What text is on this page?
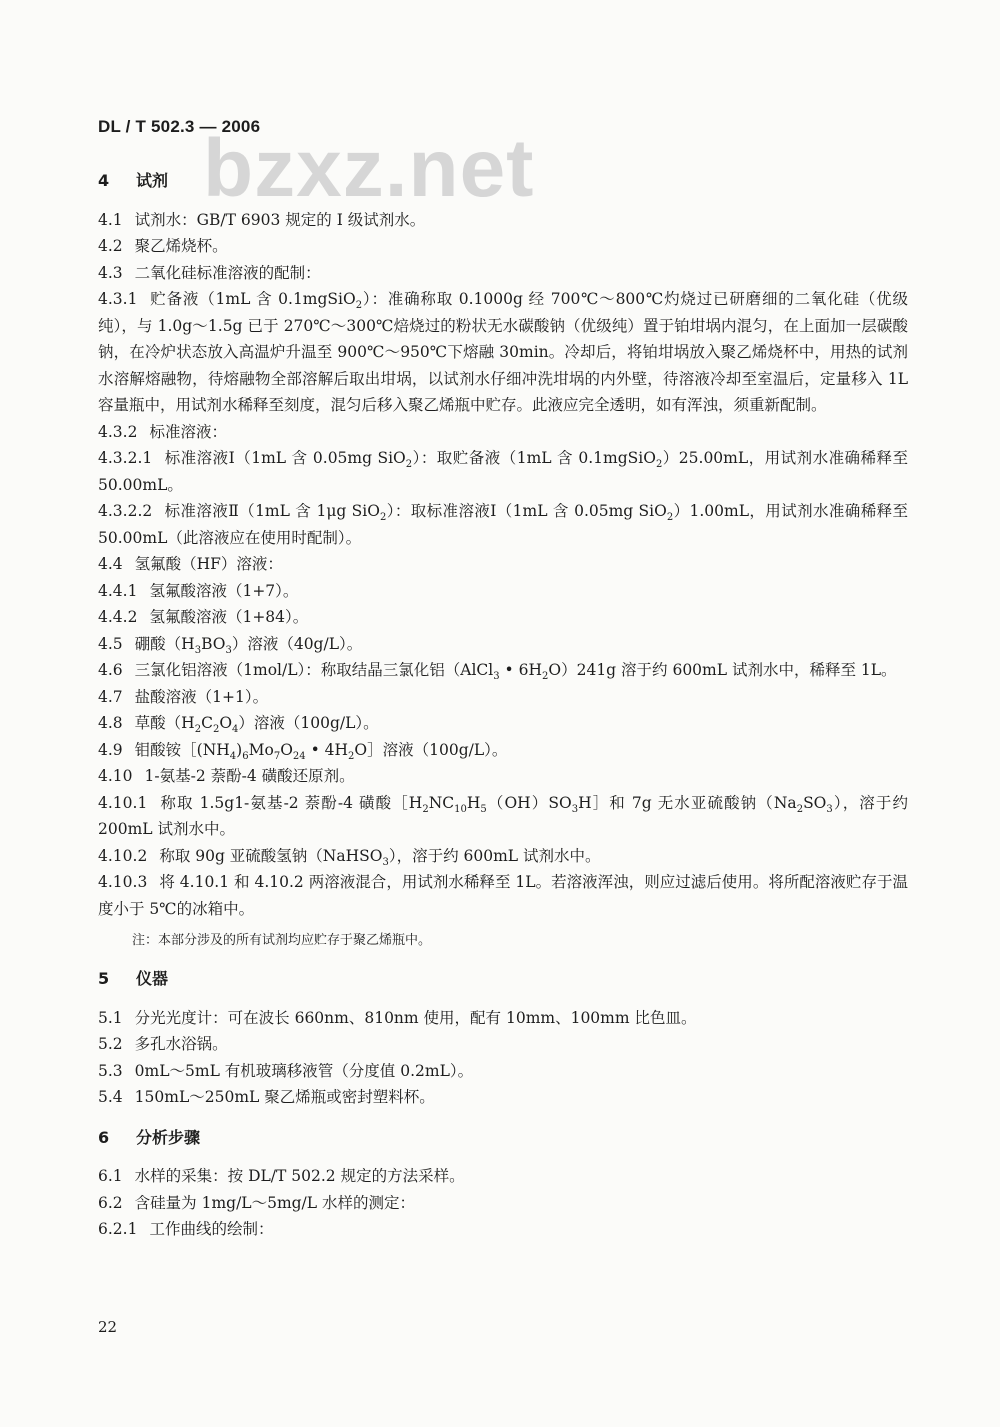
DL / T 502.3 — 2006
bzxz.net
4 试剂

4.1 试剂水：GB/T 6903 规定的 Ⅰ 级试剂水。

4.2 聚乙烯烧杯。

4.3 二氧化硅标准溶液的配制：

4.3.1 贮备液（1mL 含 0.1mgSiO$_2$）：准确称取 0.1000g 经 700℃～800℃灼烧过已研磨细的二氧化硅（优级纯），与 1.0g～1.5g 已于 270℃～300℃焙烧过的粉状无水碳酸钠（优级纯）置于铂坩埚内混匀，在上面加一层碳酸钠，在冷炉状态放入高温炉升温至 900℃～950℃下熔融 30min。冷却后，将铂坩埚放入聚乙烯烧杯中，用热的试剂水溶解熔融物，待熔融物全部溶解后取出坩埚，以试剂水仔细冲洗坩埚的内外壁，待溶液冷却至室温后，定量移入 1L 容量瓶中，用试剂水稀释至刻度，混匀后移入聚乙烯瓶中贮存。此液应完全透明，如有浑浊，须重新配制。

4.3.2 标准溶液：

4.3.2.1 标准溶液Ⅰ（1mL 含 0.05mg SiO$_2$）：取贮备液（1mL 含 0.1mgSiO$_2$）25.00mL，用试剂水准确稀释至 50.00mL。

4.3.2.2 标准溶液Ⅱ（1mL 含 1μg SiO$_2$）：取标准溶液Ⅰ（1mL 含 0.05mg SiO$_2$）1.00mL，用试剂水准确稀释至 50.00mL（此溶液应在使用时配制）。

4.4 氢氟酸（HF）溶液：

4.4.1 氢氟酸溶液（1+7）。

4.4.2 氢氟酸溶液（1+84）。

4.5 硼酸$(H_3BO_3)$溶液（40g/L）。

4.6 三氯化铝溶液（1mol/L）：称取结晶三氯化铝（AlCl$_3$ • $6H_2O)241g$ 溶于约 600mL 试剂水中，稀释至 1L。

4.7 盐酸溶液（1+1）。

4.8 草酸$(H_2C_2O_4)$溶液（100g/L）。

4.9 钼酸铵$[(NH_4)_6Mo_7O_{24}$ • $4H_2O]$溶液（100g/L）。

4.10 1-氨基-2 萘酚-4 磺酸还原剂。

4.10.1 称取 1.5g1-氨基-2 萘酚-4 磺酸$[H_2NC_{10}H_5(OH)SO_3H]$和 7g 无水亚硫酸钠$(Na_2SO_3)$，溶于约 200mL 试剂水中。

4.10.2 称取 90g 亚硫酸氢钠（NaHSO$_3$），溶于约 600mL 试剂水中。

4.10.3 将 4.10.1 和 4.10.2 两溶液混合，用试剂水稀释至 1L。若溶液浑浊，则应过滤后使用。将所配溶液贮存于温度小于 5℃的冰箱中。

注：本部分涉及的所有试剂均应贮存于聚乙烯瓶中。
5 仪器

5.1 分光光度计：可在波长 660nm、810nm 使用，配有 10mm、100mm 比色皿。

5.2 多孔水浴锅。

5.3 0mL～5mL 有机玻璃移液管（分度值 0.2mL）。

5.4 150mL～250mL 聚乙烯瓶或密封塑料杯。

6 分析步骤

6.1 水样的采集：按 DL/T 502.2 规定的方法采样。

6.2 含硅量为 1mg/L～5mg/L 水样的测定：

6.2.1 工作曲线的绘制：

22
